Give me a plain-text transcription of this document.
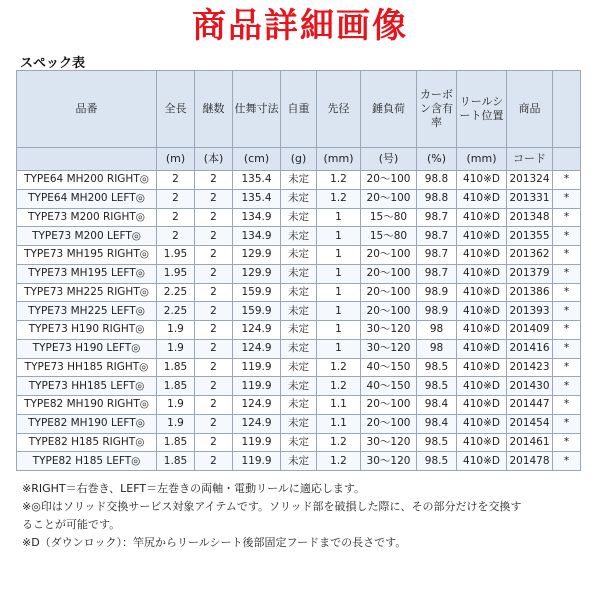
商品詳細画像
スペック表
品番	全長	継数	仕舞寸法	自重	先径	錘負荷	カーボン含有率	リールシート位置	商品	
	(m)	(本)	(cm)	(g)	(mm)	(号)	(%)	(mm)	コード	
TYPE64 MH200 RIGHT◎	2	2	135.4	未定	1.2	20～100	98.8	410※D	201324	*
TYPE64 MH200 LEFT◎	2	2	135.4	未定	1.2	20～100	98.8	410※D	201331	*
TYPE73 M200 RIGHT◎	2	2	134.9	未定	1	15～80	98.7	410※D	201348	*
TYPE73 M200 LEFT◎	2	2	134.9	未定	1	15～80	98.7	410※D	201355	*
TYPE73 MH195 RIGHT◎	1.95	2	129.9	未定	1	20～100	98.7	410※D	201362	*
TYPE73 MH195 LEFT◎	1.95	2	129.9	未定	1	20～100	98.7	410※D	201379	*
TYPE73 MH225 RIGHT◎	2.25	2	159.9	未定	1	20～100	98.9	410※D	201386	*
TYPE73 MH225 LEFT◎	2.25	2	159.9	未定	1	20～100	98.9	410※D	201393	*
TYPE73 H190 RIGHT◎	1.9	2	124.9	未定	1	30～120	98	410※D	201409	*
TYPE73 H190 LEFT◎	1.9	2	124.9	未定	1	30～120	98	410※D	201416	*
TYPE73 HH185 RIGHT◎	1.85	2	119.9	未定	1.2	40～150	98.5	410※D	201423	*
TYPE73 HH185 LEFT◎	1.85	2	119.9	未定	1.2	40～150	98.5	410※D	201430	*
TYPE82 MH190 RIGHT◎	1.9	2	124.9	未定	1.1	20～100	98.4	410※D	201447	*
TYPE82 MH190 LEFT◎	1.9	2	124.9	未定	1.1	20～100	98.4	410※D	201454	*
TYPE82 H185 RIGHT◎	1.85	2	119.9	未定	1.2	30～120	98.5	410※D	201461	*
TYPE82 H185 LEFT◎	1.85	2	119.9	未定	1.2	30～120	98.5	410※D	201478	*

※RIGHT＝右巻き、LEFT＝左巻きの両軸・電動リールに適応します。

※◎印はソリッド交換サービス対象アイテムです。ソリッド部を破損した際に、その部分だけを交換す

ることが可能です。

※D（ダウンロック）：竿尻からリールシート後部固定フードまでの長さです。
